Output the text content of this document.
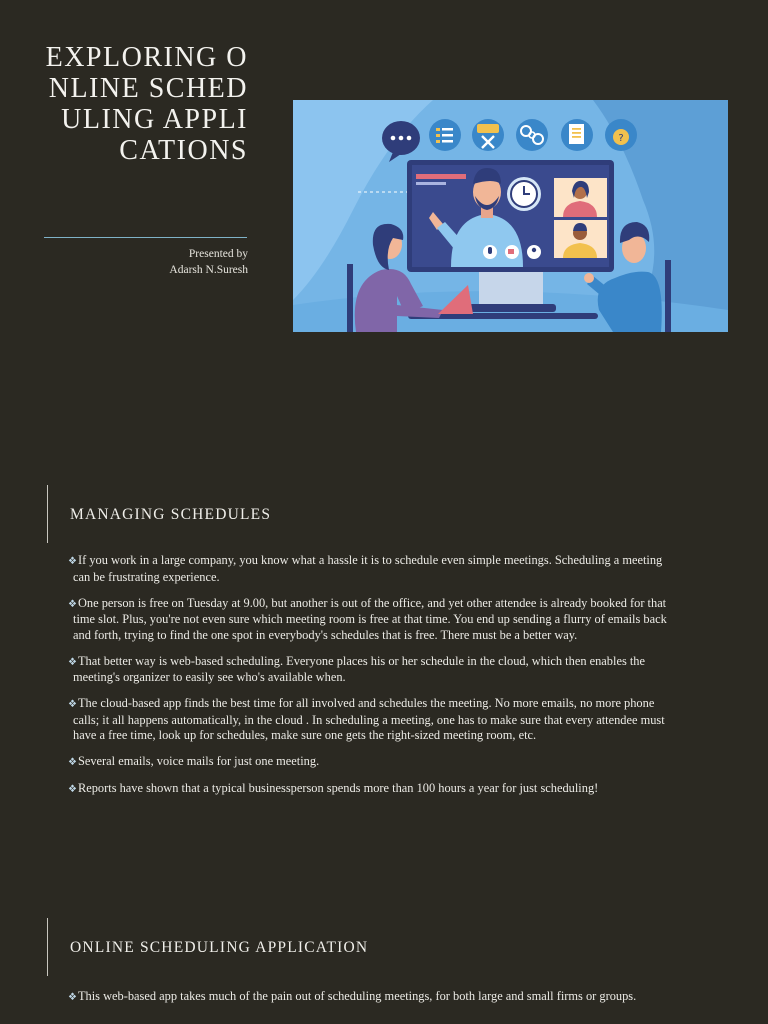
EXPLORING ONLINE SCHEDULING APPLICATIONS
Presented by
Adarsh N.Suresh
?
MANAGING SCHEDULES
❖If you work in a large company, you know what a hassle it is to schedule even simple meetings. Scheduling a meeting can be frustrating experience.
❖One person is free on Tuesday at 9.00, but another is out of the office, and yet other attendee is already booked for that time slot. Plus, you're not even sure which meeting room is free at that time. You end up sending a flurry of emails back and forth, trying to find the one spot in everybody's schedules that is free. There must be a better way.
❖That better way is web-based scheduling. Everyone places his or her schedule in the cloud, which then enables the meeting's organizer to easily see who's available when.
❖The cloud-based app finds the best time for all involved and schedules the meeting. No more emails, no more phone calls; it all happens automatically, in the cloud . In scheduling a meeting, one has to make sure that every attendee must have a free time, look up for schedules, make sure one gets the right-sized meeting room, etc.
❖Several emails, voice mails for just one meeting.
❖Reports have shown that a typical businessperson spends more than 100 hours a year for just scheduling!
ONLINE SCHEDULING APPLICATION
❖This web-based app takes much of the pain out of scheduling meetings, for both large and small firms or groups.
